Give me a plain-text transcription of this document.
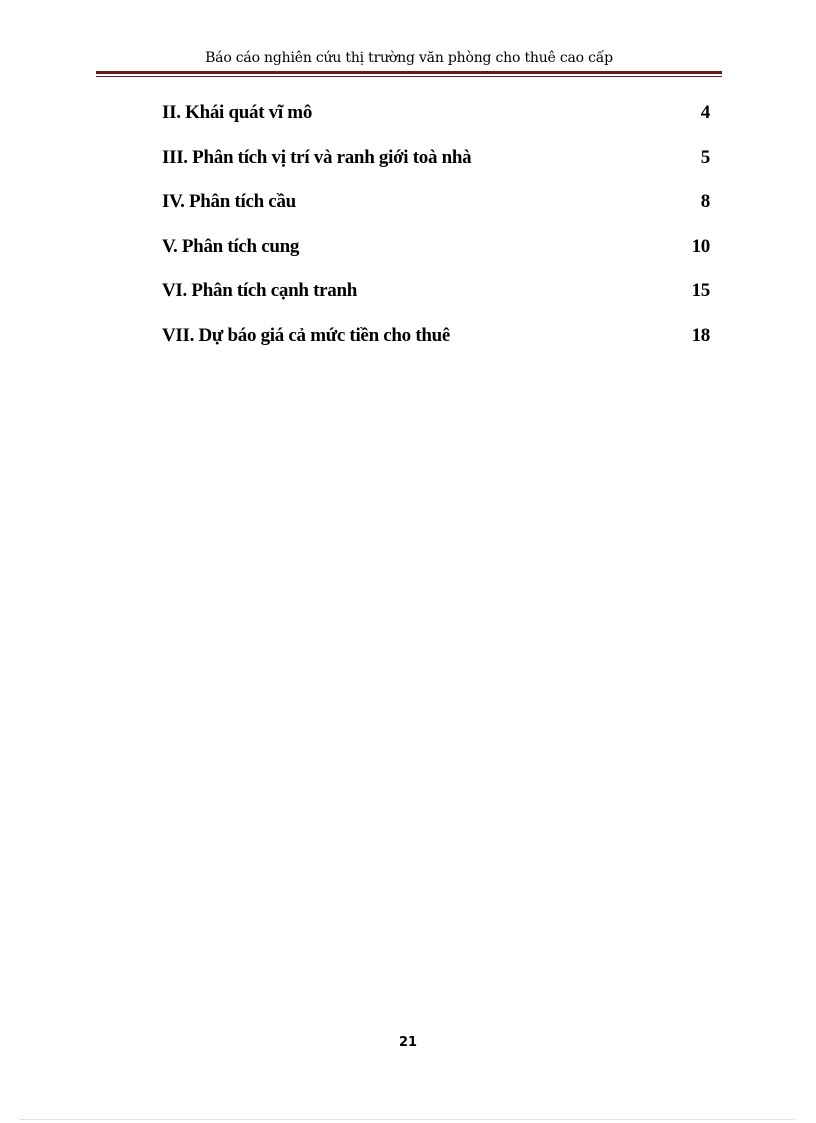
Báo cáo nghiên cứu thị trường văn phòng cho thuê cao cấp
II. Khái quát vĩ mô	4
III. Phân tích vị trí và ranh giới toà nhà	5
IV. Phân tích cầu	8
V. Phân tích cung	10
VI. Phân tích cạnh tranh	15
VII. Dự báo giá cả mức tiền cho thuê	18
21
